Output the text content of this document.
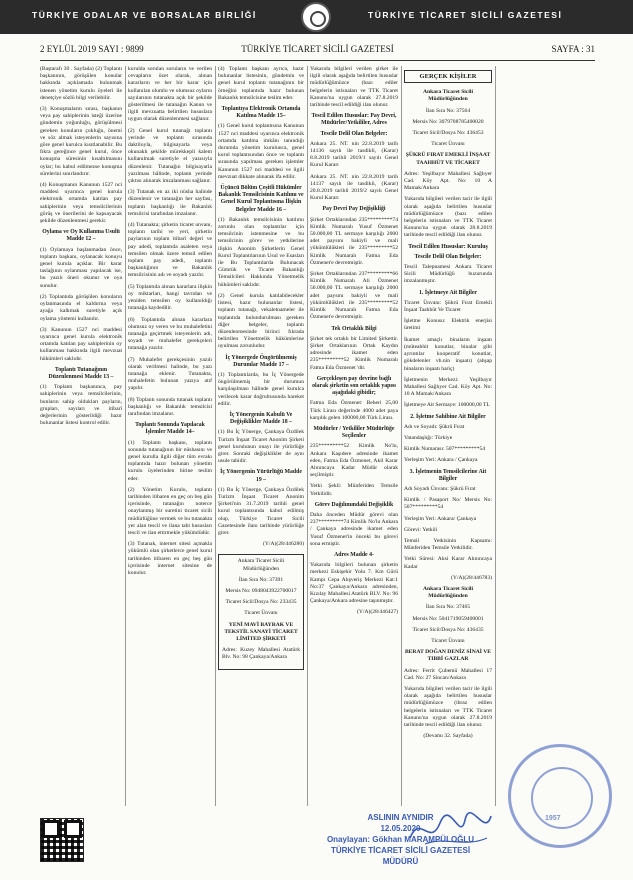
TÜRKİYE ODALAR VE BORSALAR BİRLİĞİ	TÜRKİYE TİCARET SİCİLİ GAZETESİ
2 EYLÜL 2019 SAYI : 9899	TÜRKİYE TİCARET SİCİLİ GAZETESİ	SAYFA : 31

(Baştarafı 30 . Sayfada) (2) Toplantı başkanının, görüşülen konular hakkında açıklamada bulunmak istenen yönetim kurulu üyeleri ile denetçiye sözlü bilgi verilebilir.

(3) Konuşmaların sırası, başkanın veya pay sahiplerinin isteği üzerine gündemin yoğunluğu, görüşülmesi gereken konuların çokluğu, önemi ve söz almak isteyenlerin sayısına göre genel kurulca kısıtlanabilir. Bu fıkra gereğince genel kurul, önce konuşma süresinin kısaltılmasını oylar; bu kabul edilmezse konuşma sürelerini sınırlandırır.

(4) Konuşmanın Kanunun 1527 nci maddesi uyarınca genel kurula elektronik ortamda katılan pay sahiplerinin veya temsilcilerinin görüş ve önerilerini de kapsayacak şekilde düzenlenmesi gerekir.

Oylama ve Oy Kullanma Usulü Madde 12 –

(1) Oylamaya başlanmadan önce, toplantı başkanı, oylanacak konuyu genel kurula açıklar. Bir karar taslağının oylanması yapılacak ise, bu yazılı öneri okunur ve oya sunulur.

(2) Toplantıda görüşülen konuların oylanmasında el kaldırma veya ayağa kalkmak suretiyle açık oylama yöntemi kullanılır.

(3) Kanunun 1527 nci maddesi uyarınca genel kurula elektronik ortamda katılan pay sahiplerinin oy kullanması hakkında ilgili mevzuat hükümleri saklıdır.

Toplantı Tutanağının Düzenlenmesi Madde 13 –

(1) Toplantı başkanınca, pay sahiplerinin veya temsilcilerinin, bunların sahip oldukları payların, grupları, sayıları ve itibarî değerlerinin gösterildiği hazır bulunanlar listesi kontrol edilir.

kurulda sorulan soruların ve verilen cevapların özet olarak, alınan kararların ve her bir karar için kullanılan olumlu ve olumsuz oyların sayılarının tutanakta açık bir şekilde gösterilmesi ile tutanağın Kanun ve ilgili mevzuatta belirtilen hususlara uygun olarak düzenlenmesi sağlanır.

(2) Genel kurul tutanağı toplantı yerinde ve toplantı sırasında daktiloyla, bilgisayarla veya okunaklı şekilde mürekkepli kalem kullanılmak suretiyle el yazısıyla düzenlenir. Tutanağın bilgisayarla yazılması hâlinde, toplantı yerinde çıktısı alınarak imzalanması sağlanır.

(3) Tutanak en az iki nüsha halinde düzenlenir ve tutanağın her sayfası, toplantı başkanlığı ile Bakanlık temsilcisi tarafından imzalanır.

(4) Tutanakta; şirketin ticaret unvanı, toplantı tarihi ve yeri, şirketin paylarının toplam itibarî değeri ve pay adedi, toplantıda asaleten veya temsilen olmak üzere temsil edilen toplam pay adedi, toplantı başkanlığının ve Bakanlık temsilcisinin adı ve soyadı yazılır.

(5) Toplantıda alınan kararlara ilişkin oy miktarları, hangi tavrıdan ve yeniden temsilen oy kullanıldığı tutanağa kaydedilir.

(6) Toplantıda alınan kararlara olumsuz oy veren ve bu muhalefetini tutanağa geçirtmek isteyenlerin adı, soyadı ve muhalefet gerekçeleri tutanağa yazılır.

(7) Muhalefet gerekçesinin yazılı olarak verilmesi halinde, bu yazı tutanağa eklenir. Tutanakta, muhalefetin bulunan yazıya atıf yapılır.

(8) Toplantı sonunda tutanak toplantı başkanlığı ve Bakanlık temsilcisi tarafından imzalanır.

Toplantı Sonunda Yapılacak İşlemler Madde 14–

(1) Toplantı başkanı, toplantı sonunda tutanağının bir nüshasını ve genel kurulla ilgili diğer tüm evrakı toplantıda hazır bulunan yönetim kurulu üyelerinden birine teslim eder.

(2) Yönetim Kurulu, toplantı tarihinden itibaren en geç on beş gün içerisinde, tutanağın noterce onaylanmış bir suretini ticaret sicili müdürlüğüne vermek ve bu tutanakta yer alan tescil ve ilana tabi hususları tescil ve ilan ettirmekle yükümlüdür.

(3) Tutanak, internet sitesi açmakla yükümlü olan şirketlerce genel kurul tarihinden itibaren en geç beş gün içerisinde internet sitesine de konulur.

(4) Toplantı başkanı ayrıca, hazır bulunanlar listesinin, gündemin ve genel kurul toplantı tutanağının bir örneğini toplantıda hazır bulunan Bakanlık temsilcisine teslim eder.

Toplantıya Elektronik Ortamda Katılma Madde 15–

(1) Genel kurul toplantısına Kanunun 1527 nci maddesi uyarınca elektronik ortamda katılma imkânı tanındığı durumda yönetim kurulunca, genel kurul toplantısından önce ve toplantı sırasında yapılması gereken işlemler Kanunun 1527 nci maddesi ve ilgili mevzuat dikkate alınarak ifa edilir.

Üçüncü Bölüm Çeşitli Hükümler Bakanlık Temsilcisinin Katılımı ve Genel Kurul Toplantısına İlişkin Belgeler Madde 16 –

(1) Bakanlık temsilcisinin katılımı zorunlu olan toplantılar için temsilcinin istenmesine ve bu temsilcinin görev ve yetkilerine ilişkin Anonim Şirketlerin Genel Kurul Toplantılarının Usul ve Esasları ile Bu Toplantılarda Bulunacak Gümrük ve Ticaret Bakanlığı Temsilcileri Hakkında Yönetmelik hükümleri saklıdır.

(2) Genel kurula katılabilecekler listesi, hazır bulunanlar listesi, toplantı tutanağı, vekaletnameler ile toplantıda bulundurulması gereken diğer belgeler, toplantı düzenlenmesinde birinci fıkrada belirtilen Yönetmelik hükümlerine uyulması zorunludur.

İç Yönergede Öngörülmemiş Durumlar Madde 17 –

(1) Toplantılarda, bu İç Yönergede öngörülmemiş bir durumun karşılaşılması hâlinde genel kurulca verilecek karar doğrultusunda hareket edilir.

İç Yönergenin Kabulü Ve Değişiklikler Madde 18 –

(1) Bu İç Yönerge, Çankaya Özdilek Turizm İnşaat Ticaret Anonim Şirketi genel kurulunun onayı ile yürürlüğe girer. Sonraki değişiklikler de aynı usule tabidir.

İç Yönergenin Yürürlüğü Madde 19 –

(1) Bu İç Yönerge, Çankaya Özdilek Turizm İnşaat Ticaret Anonim Şirketi'nin 31.7.2019 tarihli genel kurul toplantısında kabul edilmiş olup, Türkiye Ticaret Sicili Gazetesinde ilanı tarihinde yürürlüğe girer.

(Y/A)(28/446280)

Ankara Ticaret Sicili Müdürlüğünden

İlan Sıra No: 37391

Mersis No: 0948043922700017

Ticaret Sicil/Dosya No: 233435

Ticaret Ünvanı

YENİ MAVİ BAYRAK VE TEKSTİL SANAYİ TİCARET LİMİTED ŞİRKETİ

Adres: Kuzey Mahallesi Atatürk Blv. No: 98 Çankaya/Ankara

Yukarıda bilgileri verilen şirket ile ilgili olarak aşağıda belirtilen hususlar müdürlüğümüzce (bazı ediler belgelerin istisnaları ve TTK Ticaret Kanunu'na uygun olarak 27.8.2019 tarihinde tescil edildiği ilan olunur.

Tescil Edilen Hususlar: Pay Devri, Müdürler/Yetkililer, Adres
Tescile Delil Olan Belgeler:

Ankara 25. NT. nin 22.8.2019 tarih 14136 sayılı ile tasdikli, (Karar) 8.8.2019 tarihli 2019/1 sayılı Genel Kurul Kararı

Ankara 25. NT. nin 22.8.2019 tarih 14137 sayılı ile tasdikli, (Karar) 20.8.2019 tarihli 2019/2 sayılı Genel Kurul Kararı

Pay Devri Pay Değişikliği

Şirket Ortaklarından 235*********74 Kimlik Numaralı Yusuf Özmenet 50.000,00 TL sermaye karşılığı 2000 adet paysını bakiyli ve mali yükümlülükleri ile 235*********52 Kimlik Numaralı Fatma Eda Özmenet'e devretmiştir.

Şirket Ortaklarından 237*********66 Kimlik Numaralı Ali Özmenet 50.000,00 TL sermaye karşılığı 2000 adet paysını bakiyli ve mali yükümlülükleri ile 235*********52 Kimlik Numaralı Fatma Eda Özmenet'e devretmiştir.

Tek Ortaklık Bilgi

Şirket tek ortaklı bir Limited Şirkettir. Şirket Ortaklarının Ortak Kaydın adresinde ikamet eden 235*********52 Kimlik Numaralı Fatma Eda Özmenet 'dir.

Gerçekleşen pay devrine bağlı olarak şirketin son ortaklık yapısı aşağıdaki gibidir;

Fatma Eda Özmenet: Beheri 25,00 Türk Lirası değerinde 4000 adet paya karşılık gelen 100000,00 Türk Lirası.

Müdürler / Yetkililer Müdürlüğe Seçilenler

235*********52 Kimlik No'lu, Ankara Kaşıdere adresinde ikamet eden, Fatma Eda Özmenet, Akil Karar Alınıncaya Kadar Müdür olarak seçilmiştir.

Yetki Şekli: Münferiden Temsile Yetkilidir.

Görev Dağılımındaki Değişiklik

Daha önceden Müdür görevi olan 237*********74 Kimlik No'lu Ankara / Çankaya adresinde ikamet eden Yusuf Özmenet'in önceki bu görevi sona ermiştir.

Adres Madde 4-

Yukarıda bilgileri bulunan şirketin merkezi Eskişehir Yolu 7. Km Gürü Kampı Cepa Alışveriş Merkezi Kat:1 No:37 Çankaya/Ankara adresinden, Kızılay Mahallesi Atatürk BLV. No: 96 Çankaya/Ankara adresine taşınmıştır.

(Y/A)(28/446427)

GERÇEK KİŞİLER

Ankara Ticaret Sicili Müdürlüğünden

İlan Sıra No: 37564

Mersis No: 3079708785400020

Ticaret Sicil/Dosya No: 436453

Ticaret Ünvanı

ŞÜKRÜ FIRAT EMEKLİ İNŞAAT TAAHHÜT VE TİCARET

Adres: Yeşilbayır Mahallesi Sağlıyer Cad. Köy Apt. No: 10 A Mamak/Ankara

Yukarıda bilgileri verilen tacir ile ilgili olarak aşağıda belirtilen hususlar müdürlüğümüzce (bazı edilen belgelerin istisnaları ve TTK Ticaret Kanunu'na uygun olarak 28.8.2019 tarihinde tescil edildiği ilan olunur.

Tescil Edilen Hususlar: Kuruluş
Tescile Delil Olan Belgeler:

Tescil Talepnamesi Ankara Ticaret Sicili Müdürlüğü huzurunda imzalanmıştır.

1. İşletmeye Ait Bilgiler

Ticaret Ünvanı: Şükrü Fırat Emekli İnşaat Taahhüt Ve Ticaret

İşletme Konusu: Elektrik enerjisi üretimi

İkamet amaçlı binaların inşaatı (müteahhit konutlar, binalar gibi ayrıntılar kooperatif konutlar, gökdelenler vb.nin inşaatı) (ahşap binaların inşaatı hariç)

İşletmenin Merkezi: Yeşilbayır Mahallesi Sağlıyer Cad. Köy Apt. No: 10 A Mamak/Ankara

İşletmeye Ait Sermaye: 100000,00 TL

2. İşletme Sahibine Ait Bilgiler

Adı ve Soyadı: Şükrü Fırat

Vatandaşlığı: Türkiye

Kimlik Numarası: 507*********54

Yerleşim Yeri: Ankara / Çankaya

3. İşletmenin Temsilcilerine Ait Bilgiler

Adı Soyadı Ünvanı: Şükrü Fırat

Kimlik / Pasaport No/ Mersis No: 507*********54

Yerleşim Yeri: Ankara/ Çankaya

Görevi: Yetkili

Temsil Yetkisinin Kapsamı: Münferiden Temsile Yetkilidir.

Yetki Süresi: Aksi Karar Alınıncaya Kadar

(Y/A)(28/446783)

Ankara Ticaret Sicili Müdürlüğünden

İlan Sıra No: 37465

Mersis No: 5041719059400001

Ticaret Sicil/Dosya No: 436435

Ticaret Ünvanı

BERAT DOĞAN DENİZ SİNAİ VE TIBBİ GAZLAR

Adres: Ferrit Çubemü Mahallesi 17 Cad. No: 27 Sincan/Ankara

Yukarıda bilgileri verilen tacir ile ilgili olarak aşağıda belirtilen hususlar müdürlüğümüzce (ibraz edilen belgelerin istisnaları ve TTK Ticaret Kanunu'na uygun olarak 27.8.2019 tarihinde tescil edildiği ilan olunur.

(Devamı 32. Sayfada)

1957
ASLININ AYNIDIR
12.05.2020
Onaylayan: Gökhan MARAMPÜLOĞLU
TÜRKİYE TİCARET SİCİLİ GAZETESİ
MÜDÜRÜ
